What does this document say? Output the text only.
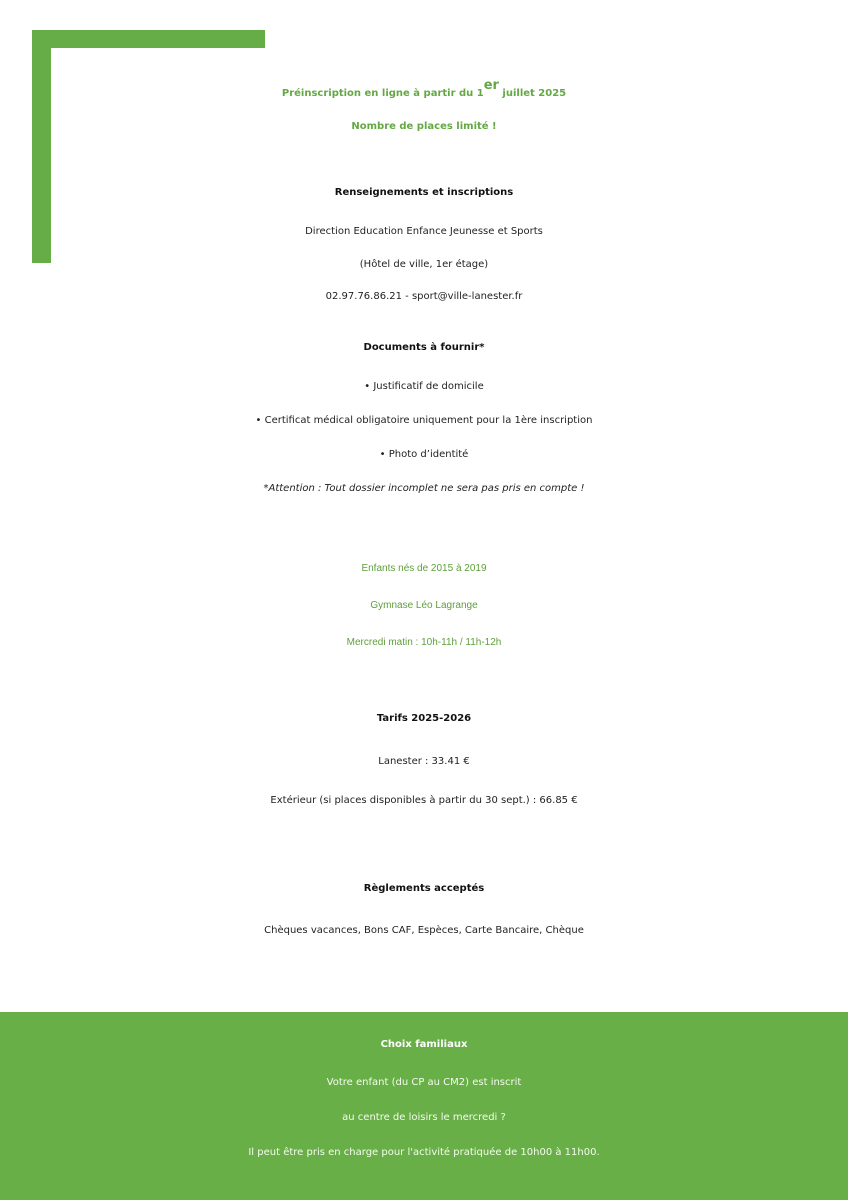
Préinscription en ligne à partir du 1er juillet 2025
Nombre de places limité !
Renseignements et inscriptions
Direction Education Enfance Jeunesse et Sports
(Hôtel de ville, 1er étage)
02.97.76.86.21 - sport@ville-lanester.fr
Documents à fournir*
• Justificatif de domicile
• Certificat médical obligatoire uniquement pour la 1ère inscription
• Photo d’identité
*Attention : Tout dossier incomplet ne sera pas pris en compte !
Enfants nés de 2015 à 2019
Gymnase Léo Lagrange
Mercredi matin : 10h-11h / 11h-12h
Tarifs 2025-2026
Lanester : 33.41 €
Extérieur (si places disponibles à partir du 30 sept.) : 66.85 €
Règlements acceptés
Chèques vacances, Bons CAF, Espèces, Carte Bancaire, Chèque
Choix familiaux
Votre enfant (du CP au CM2) est inscrit
au centre de loisirs le mercredi ?
Il peut être pris en charge pour l'activité pratiquée de 10h00 à 11h00.
